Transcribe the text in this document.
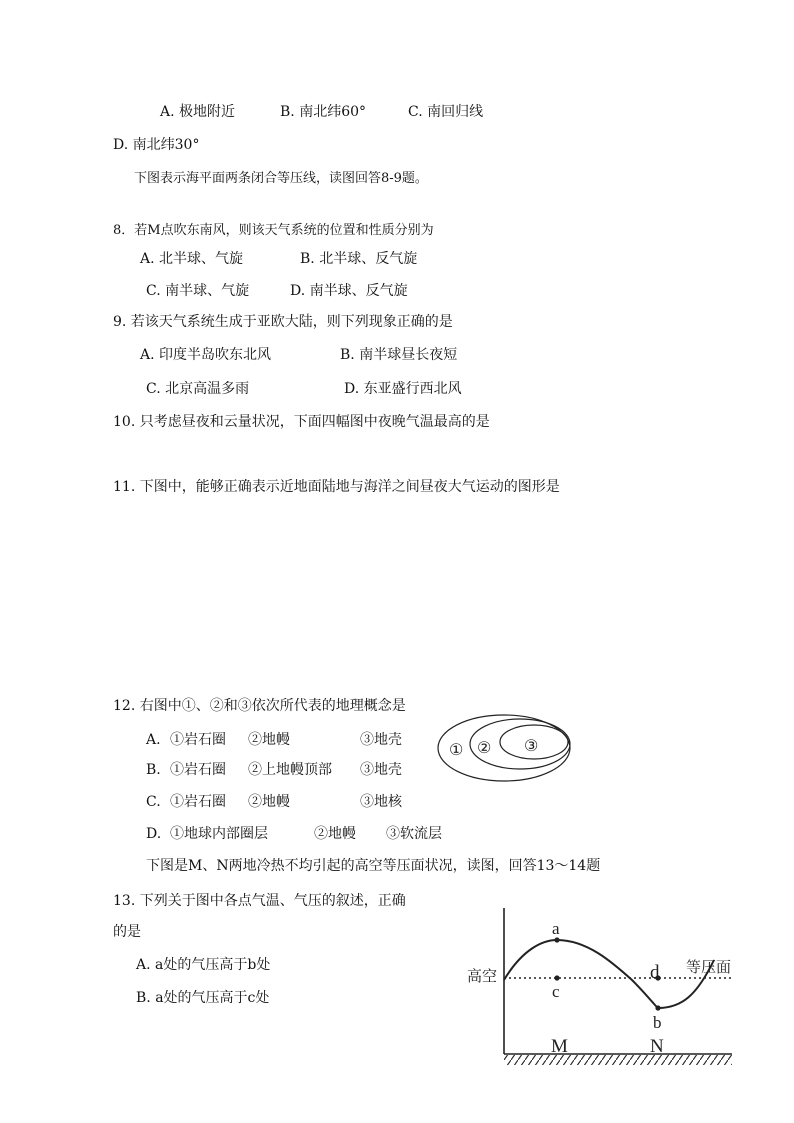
A. 极地附近	B. 南北纬60°	C. 南回归线
D. 南北纬30°
下图表示海平面两条闭合等压线，读图回答8-9题。
8．若M点吹东南风，则该天气系统的位置和性质分别为
A. 北半球、气旋	B. 北半球、反气旋
C. 南半球、气旋	D. 南半球、反气旋
9. 若该天气系统生成于亚欧大陆，则下列现象正确的是
A. 印度半岛吹东北风	B. 南半球昼长夜短
C. 北京高温多雨	D. 东亚盛行西北风
10. 只考虑昼夜和云量状况，下面四幅图中夜晚气温最高的是
11. 下图中，能够正确表示近地面陆地与海洋之间昼夜大气运动的图形是
12. 右图中①、②和③依次所代表的地理概念是
A. ①岩石圈 ②地幔	③地壳
B. ①岩石圈 ②上地幔顶部 ③地壳
C. ①岩石圈 ②地幔	③地核
D. ①地球内部圈层	②地幔 ③软流层
① ② ③
下图是M、N两地冷热不均引起的高空等压面状况，读图，回答13～14题
13. 下列关于图中各点气温、气压的叙述，正确
的是
A. a处的气压高于b处
B. a处的气压高于c处
a
c
d
b
高空
等压面
M	N
